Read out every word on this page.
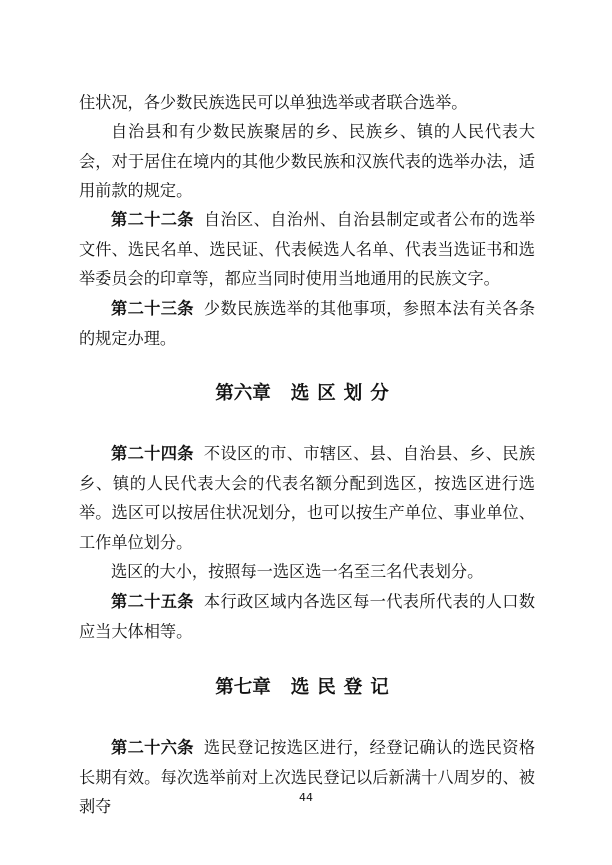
住状况，各少数民族选民可以单独选举或者联合选举。

自治县和有少数民族聚居的乡、民族乡、镇的人民代表大会，对于居住在境内的其他少数民族和汉族代表的选举办法，适用前款的规定。

第二十二条 自治区、自治州、自治县制定或者公布的选举文件、选民名单、选民证、代表候选人名单、代表当选证书和选举委员会的印章等，都应当同时使用当地通用的民族文字。

第二十三条 少数民族选举的其他事项，参照本法有关各条的规定办理。

第六章 选区划分

第二十四条 不设区的市、市辖区、县、自治县、乡、民族乡、镇的人民代表大会的代表名额分配到选区，按选区进行选举。选区可以按居住状况划分，也可以按生产单位、事业单位、工作单位划分。

选区的大小，按照每一选区选一名至三名代表划分。

第二十五条 本行政区域内各选区每一代表所代表的人口数应当大体相等。

第七章 选民登记

第二十六条 选民登记按选区进行，经登记确认的选民资格长期有效。每次选举前对上次选民登记以后新满十八周岁的、被剥夺	44
